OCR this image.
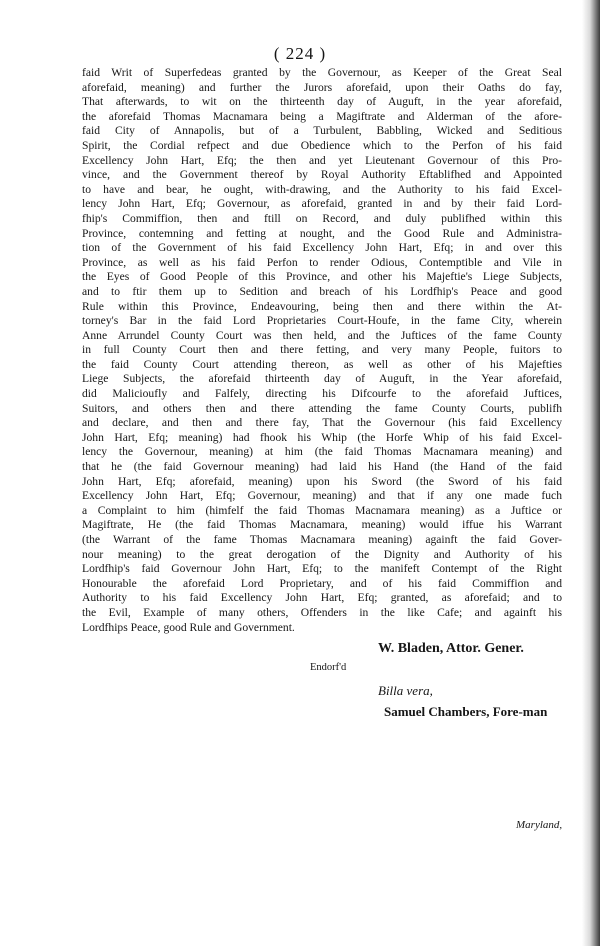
( 224 )
faid Writ of Superfedeas granted by the Governour, as Keeper of the Great Seal
aforefaid, meaning) and further the Jurors aforefaid, upon their Oaths do fay,
That afterwards, to wit on the thirteenth day of Auguft, in the year aforefaid,
the aforefaid Thomas Macnamara being a Magiftrate and Alderman of the afore-
faid City of Annapolis, but of a Turbulent, Babbling, Wicked and Seditious
Spirit, the Cordial refpect and due Obedience which to the Perfon of his faid
Excellency John Hart, Efq; the then and yet Lieutenant Governour of this Pro-
vince, and the Government thereof by Royal Authority Eftablifhed and Appointed
to have and bear, he ought, with-drawing, and the Authority to his faid Excel-
lency John Hart, Efq; Governour, as aforefaid, granted in and by their faid Lord-
fhip's Commiffion, then and ftill on Record, and duly publifhed within this
Province, contemning and fetting at nought, and the Good Rule and Administra-
tion of the Government of his faid Excellency John Hart, Efq; in and over this
Province, as well as his faid Perfon to render Odious, Contemptible and Vile in
the Eyes of Good People of this Province, and other his Majeftie's Liege Subjects,
and to ftir them up to Sedition and breach of his Lordfhip's Peace and good
Rule within this Province, Endeavouring, being then and there within the At-
torney's Bar in the faid Lord Proprietaries Court-Houfe, in the fame City, wherein
Anne Arrundel County Court was then held, and the Juftices of the fame County
in full County Court then and there fetting, and very many People, fuitors to
the faid County Court attending thereon, as well as other of his Majefties
Liege Subjects, the aforefaid thirteenth day of Auguft, in the Year aforefaid,
did Malicioufly and Falfely, directing his Difcourfe to the aforefaid Juftices,
Suitors, and others then and there attending the fame County Courts, publifh
and declare, and then and there fay, That the Governour (his faid Excellency
John Hart, Efq; meaning) had fhook his Whip (the Horfe Whip of his faid Excel-
lency the Governour, meaning) at him (the faid Thomas Macnamara meaning) and
that he (the faid Governour meaning) had laid his Hand (the Hand of the faid
John Hart, Efq; aforefaid, meaning) upon his Sword (the Sword of his faid
Excellency John Hart, Efq; Governour, meaning) and that if any one made fuch
a Complaint to him (himfelf the faid Thomas Macnamara meaning) as a Juftice or
Magiftrate, He (the faid Thomas Macnamara, meaning) would iffue his Warrant
(the Warrant of the fame Thomas Macnamara meaning) againft the faid Gover-
nour meaning) to the great derogation of the Dignity and Authority of his
Lordfhip's faid Governour John Hart, Efq; to the manifeft Contempt of the Right
Honourable the aforefaid Lord Proprietary, and of his faid Commiffion and
Authority to his faid Excellency John Hart, Efq; granted, as aforefaid; and to
the Evil, Example of many others, Offenders in the like Cafe; and againft his
Lordfhips Peace, good Rule and Government.
W. Bladen, Attor. Gener.
Endorf'd
Billa vera,
Samuel Chambers, Fore-man
Maryland,
